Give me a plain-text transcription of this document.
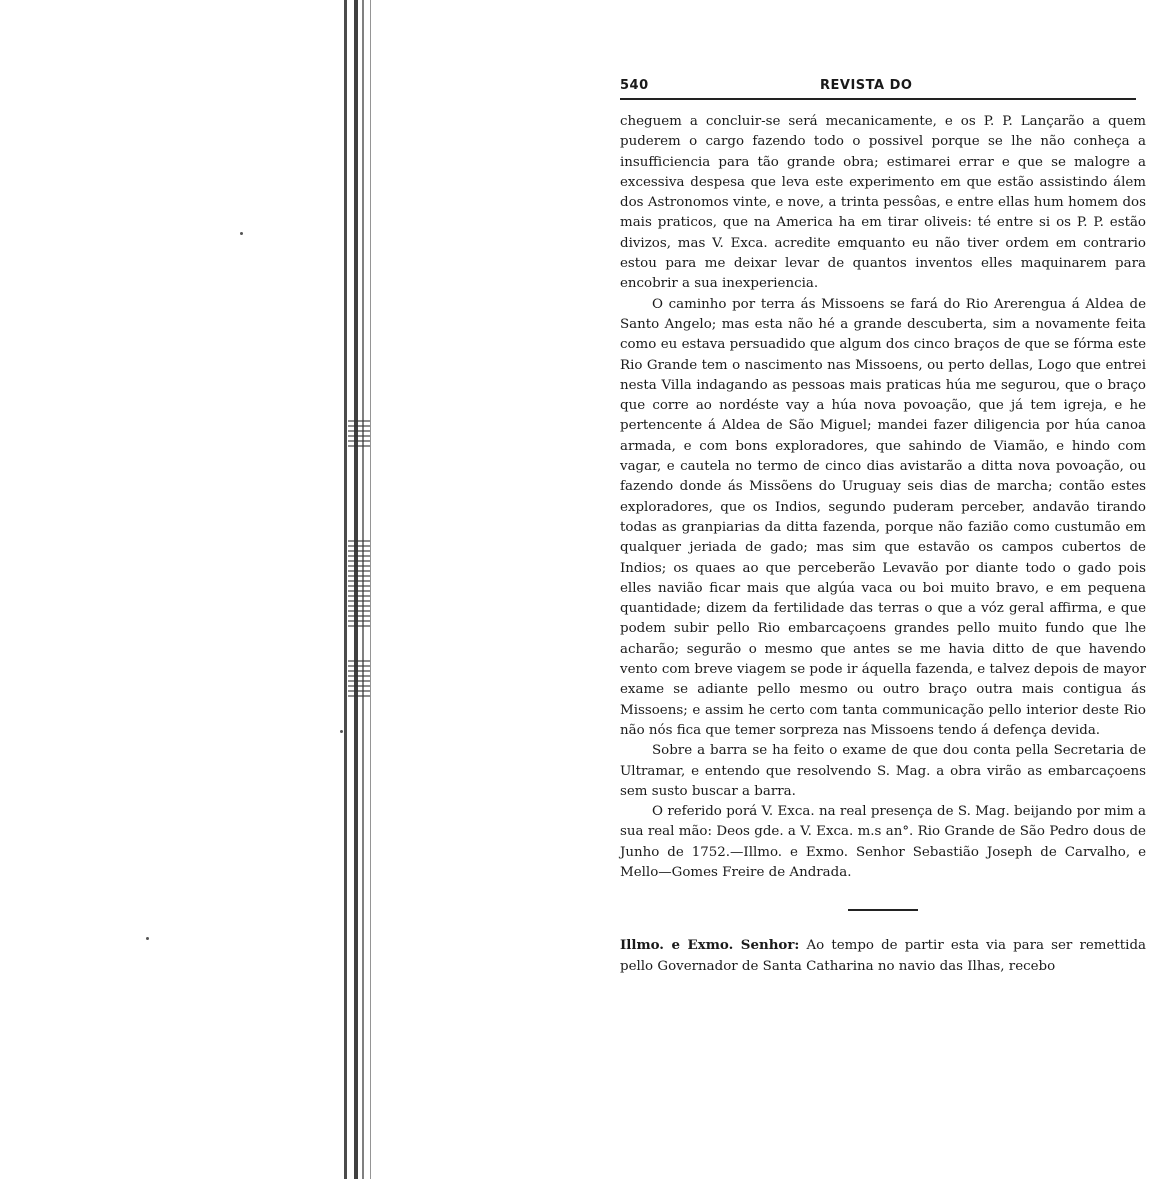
540	REVISTA DO

cheguem a concluir-se será mecanicamente, e os P. P. Lançarão a quem puderem o cargo fazendo todo o possivel porque se lhe não conheça a insufficiencia para tão grande obra; estimarei errar e que se malogre a excessiva despesa que leva este experimento em que estão assistindo álem dos Astronomos vinte, e nove, a trinta pessôas, e entre ellas hum homem dos mais praticos, que na America ha em tirar oliveis: té entre si os P. P. estão divizos, mas V. Exca. acredite emquanto eu não tiver ordem em contrario estou para me deixar levar de quantos inventos elles maquinarem para encobrir a sua inexperiencia.

O caminho por terra ás Missoens se fará do Rio Arerengua á Aldea de Santo Angelo; mas esta não hé a grande descuberta, sim a novamente feita como eu estava persuadido que algum dos cinco braços de que se fórma este Rio Grande tem o nascimento nas Missoens, ou perto dellas, Logo que entrei nesta Villa indagando as pessoas mais praticas húa me segurou, que o braço que corre ao nordéste vay a húa nova povoação, que já tem igreja, e he pertencente á Aldea de São Miguel; mandei fazer diligencia por húa canoa armada, e com bons exploradores, que sahindo de Viamão, e hindo com vagar, e cautela no termo de cinco dias avistarão a ditta nova povoação, ou fazendo donde ás Missõens do Uruguay seis dias de marcha; contão estes exploradores, que os Indios, segundo puderam perceber, andavão tirando todas as granpiarias da ditta fazenda, porque não fazião como custumão em qualquer jeriada de gado; mas sim que estavão os campos cubertos de Indios; os quaes ao que perceberão Levavão por diante todo o gado pois elles navião ficar mais que algúa vaca ou boi muito bravo, e em pequena quantidade; dizem da fertilidade das terras o que a vóz geral affirma, e que podem subir pello Rio embarcaçoens grandes pello muito fundo que lhe acharão; segurão o mesmo que antes se me havia ditto de que havendo vento com breve viagem se pode ir áquella fazenda, e talvez depois de mayor exame se adiante pello mesmo ou outro braço outra mais contigua ás Missoens; e assim he certo com tanta communicação pello interior deste Rio não nós fica que temer sorpreza nas Missoens tendo á defença devida.

Sobre a barra se ha feito o exame de que dou conta pella Secretaria de Ultramar, e entendo que resolvendo S. Mag. a obra virão as embarcaçoens sem susto buscar a barra.

O referido porá V. Exca. na real presença de S. Mag. beijando por mim a sua real mão: Deos gde. a V. Exca. m.s an°. Rio Grande de São Pedro dous de Junho de 1752.—Illmo. e Exmo. Senhor Sebastião Joseph de Carvalho, e Mello—Gomes Freire de Andrada.

Illmo. e Exmo. Senhor: Ao tempo de partir esta via para ser remettida pello Governador de Santa Catharina no navio das Ilhas, recebo
